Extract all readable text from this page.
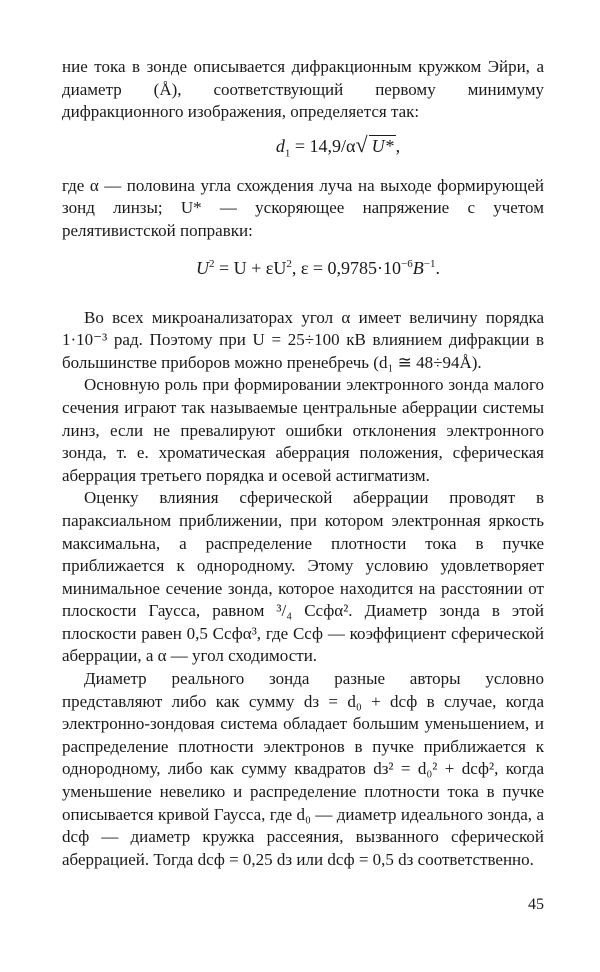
ние тока в зонде описывается дифракционным кружком Эйри, а диаметр (Å), соответствующий первому минимуму дифракционного изображения, определяется так:

$d_1 = 14,9/\alpha√$ U* ,

где α — половина угла схождения луча на выходе формирующей зонд линзы; U* — ускоряющее напряжение с учетом релятивистской поправки:

$U^2 = U + \varepsilon U^2$, $\varepsilon = 0,9785\cdot 10^{-6}B^{-1}$.

Во всех микроанализаторах угол α имеет величину порядка 1·10⁻³ рад. Поэтому при U = 25÷100 кВ влиянием дифракции в большинстве приборов можно пренебречь (d₁ ≅ 48÷94Å).

Основную роль при формировании электронного зонда малого сечения играют так называемые центральные аберрации системы линз, если не превалируют ошибки отклонения электронного зонда, т. е. хроматическая аберрация положения, сферическая аберрация третьего порядка и осевой астигматизм.

Оценку влияния сферической аберрации проводят в параксиальном приближении, при котором электронная яркость максимальна, а распределение плотности тока в пучке приближается к однородному. Этому условию удовлетворяет минимальное сечение зонда, которое находится на расстоянии от плоскости Гаусса, равном ³/₄ Cсфα². Диаметр зонда в этой плоскости равен 0,5 Cсфα³, где Cсф — коэффициент сферической аберрации, а α — угол сходимости.

Диаметр реального зонда разные авторы условно представляют либо как сумму dз = d₀ + dсф в случае, когда электронно-зондовая система обладает большим уменьшением, и распределение плотности электронов в пучке приближается к однородному, либо как сумму квадратов dз² = d₀² + dсф², когда уменьшение невелико и распределение плотности тока в пучке описывается кривой Гаусса, где d₀ — диаметр идеального зонда, а dсф — диаметр кружка рассеяния, вызванного сферической аберрацией. Тогда dсф = 0,25 dз или dсф = 0,5 dз соответственно.

45
